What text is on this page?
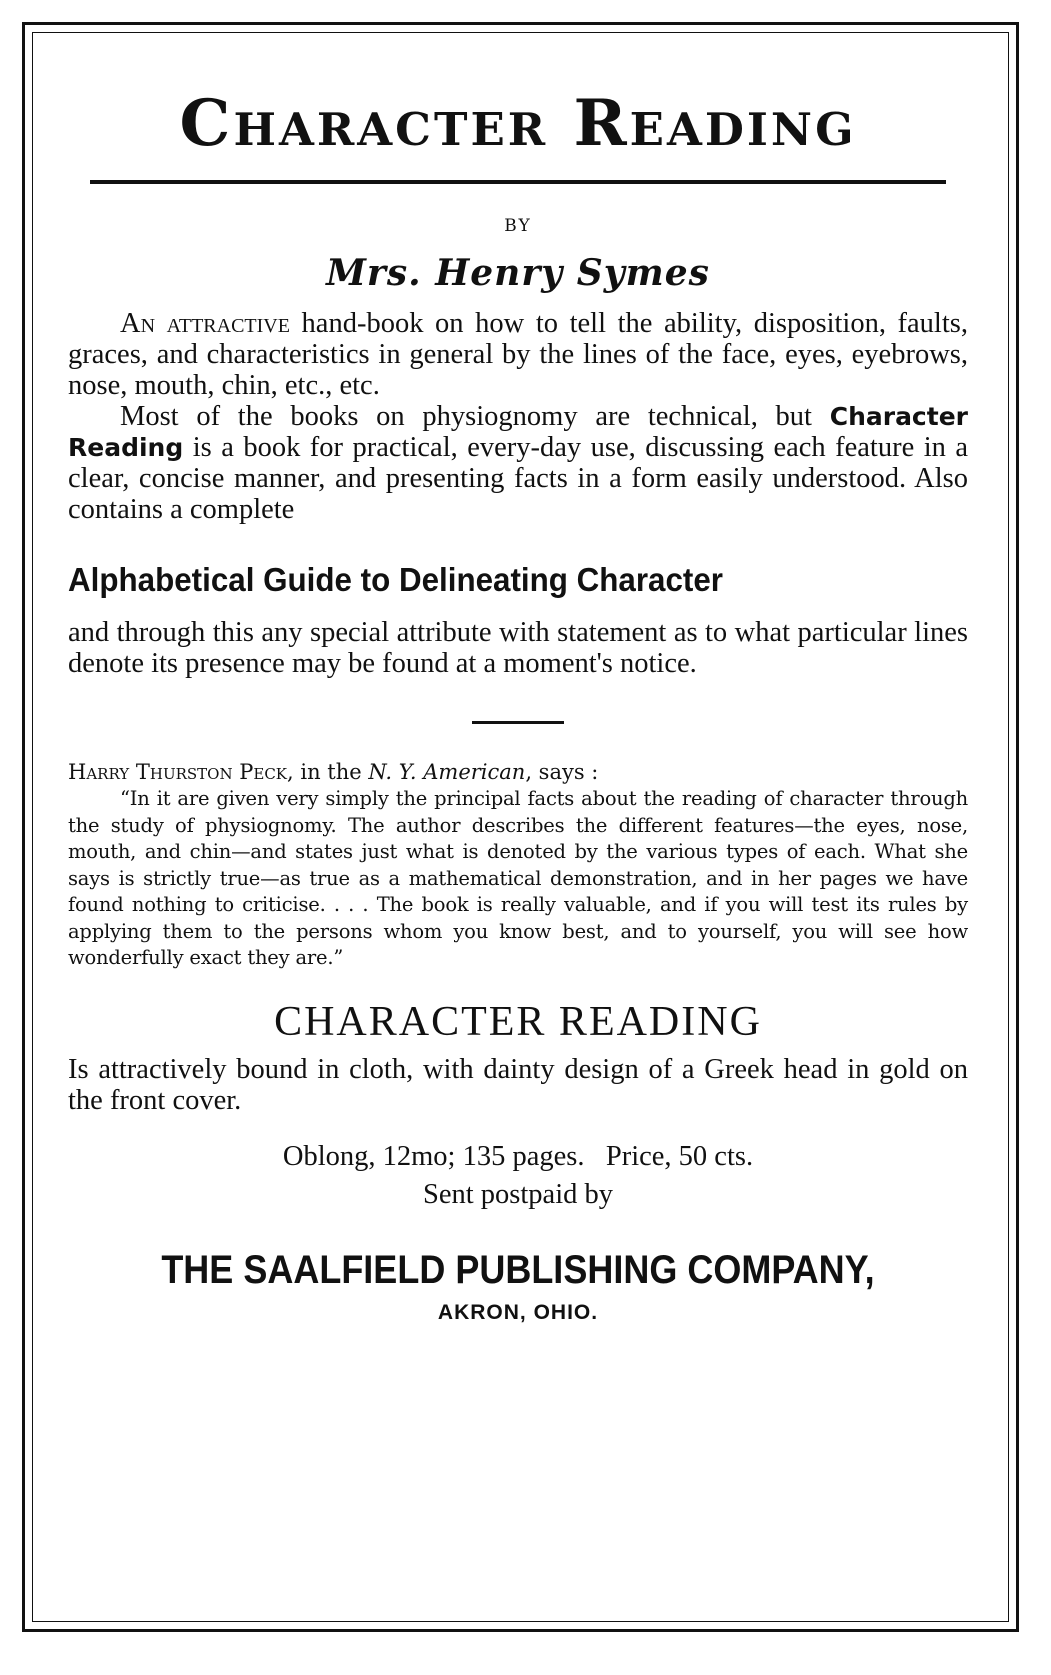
Character Reading
BY
Mrs. Henry Symes

An attractive hand-book on how to tell the ability, disposition, faults, graces, and characteristics in general by the lines of the face, eyes, eyebrows, nose, mouth, chin, etc., etc.

Most of the books on physiognomy are technical, but Character Reading is a book for practical, every-day use, discussing each feature in a clear, concise manner, and presenting facts in a form easily understood. Also contains a complete

Alphabetical Guide to Delineating Character

and through this any special attribute with statement as to what particular lines denote its presence may be found at a moment's notice.

Harry Thurston Peck, in the N. Y. American, says :

“In it are given very simply the principal facts about the reading of character through the study of physiognomy. The author describes the different features—the eyes, nose, mouth, and chin—and states just what is denoted by the various types of each. What she says is strictly true—as true as a mathematical demonstration, and in her pages we have found nothing to criticise. . . . The book is really valuable, and if you will test its rules by applying them to the persons whom you know best, and to yourself, you will see how wonderfully exact they are.”

CHARACTER READING

Is attractively bound in cloth, with dainty design of a Greek head in gold on the front cover.

Oblong, 12mo; 135 pages.   Price, 50 cts.
Sent postpaid by
THE SAALFIELD PUBLISHING COMPANY,
AKRON, OHIO.
